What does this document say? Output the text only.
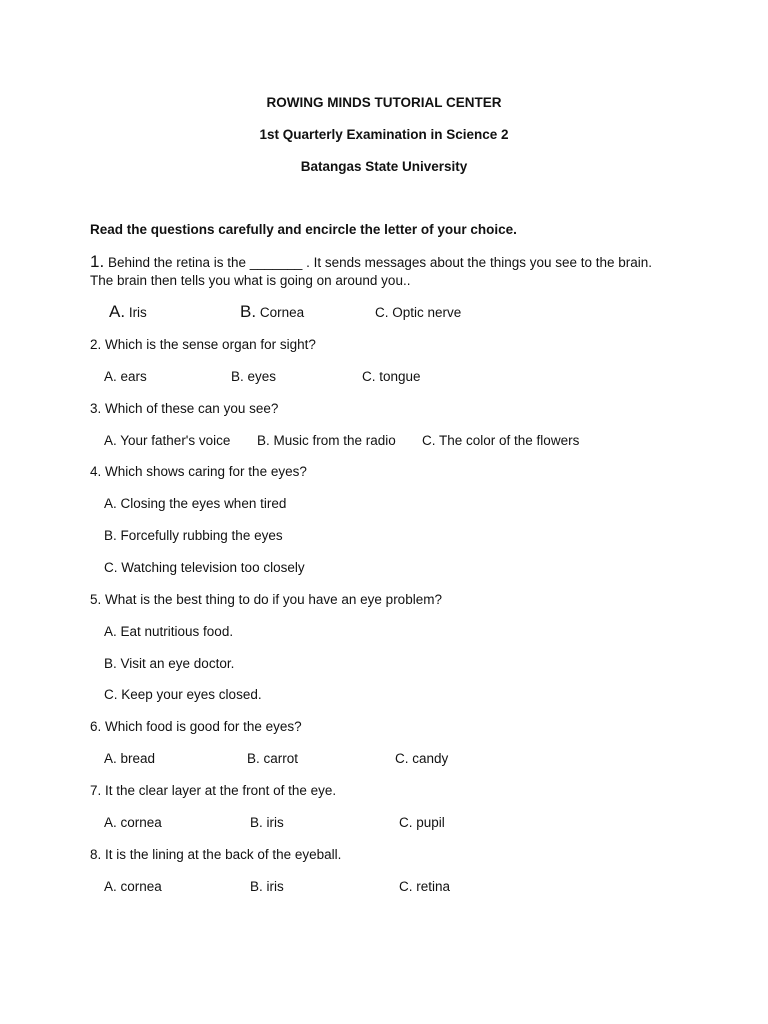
ROWING MINDS TUTORIAL CENTER
1st Quarterly Examination in Science 2
Batangas State University
Read the questions carefully and encircle the letter of your choice.
1. Behind the retina is the _______ . It sends messages about the things you see to the brain.
The brain then tells you what is going on around you..
A. Iris	B. Cornea	C. Optic nerve
2. Which is the sense organ for sight?
A. ears	B. eyes	C. tongue
3. Which of these can you see?
A. Your father's voice B. Music from the radio C. The color of the flowers
4. Which shows caring for the eyes?
A. Closing the eyes when tired
B. Forcefully rubbing the eyes
C. Watching television too closely
5. What is the best thing to do if you have an eye problem?
A. Eat nutritious food.
B. Visit an eye doctor.
C. Keep your eyes closed.
6. Which food is good for the eyes?
A. bread	B. carrot	C. candy
7. It the clear layer at the front of the eye.
A. cornea	B. iris	C. pupil
8. It is the lining at the back of the eyeball.
A. cornea	B. iris	C. retina
